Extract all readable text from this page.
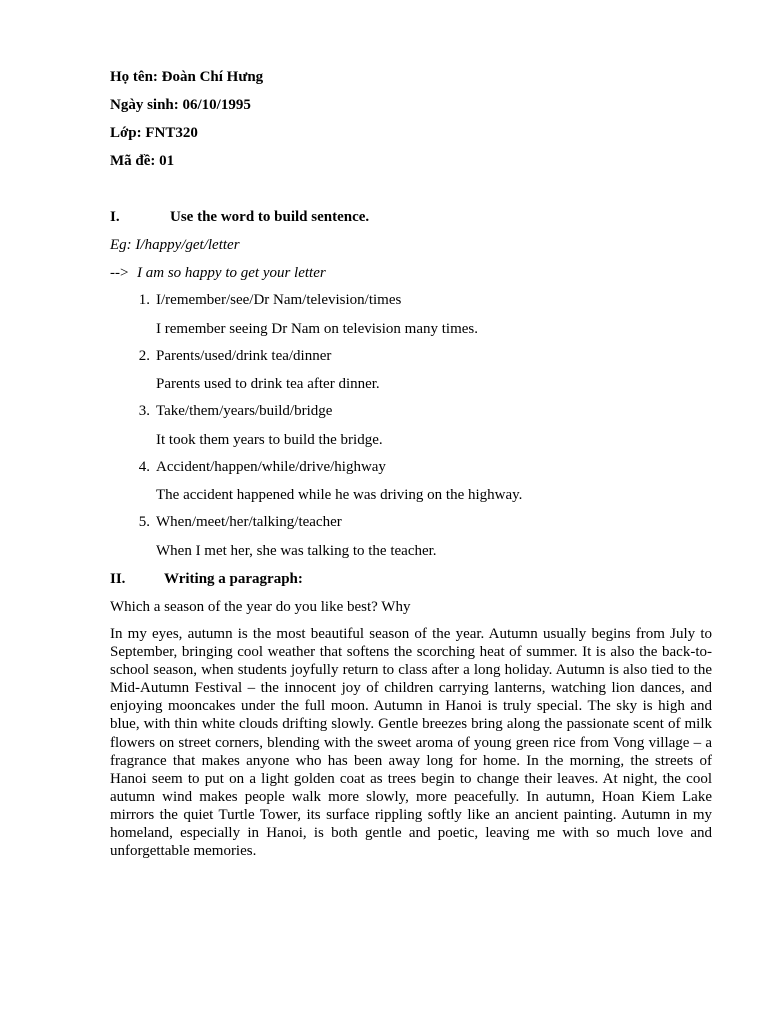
Họ tên: Đoàn Chí Hưng
Ngày sinh: 06/10/1995
Lớp: FNT320
Mã đề: 01
I.	Use the word to build sentence.
Eg: I/happy/get/letter
--> I am so happy to get your letter
1. I/remember/see/Dr Nam/television/times
I remember seeing Dr Nam on television many times.
2. Parents/used/drink tea/dinner
Parents used to drink tea after dinner.
3. Take/them/years/build/bridge
It took them years to build the bridge.
4. Accident/happen/while/drive/highway
The accident happened while he was driving on the highway.
5. When/meet/her/talking/teacher
When I met her, she was talking to the teacher.
II.	Writing a paragraph:
Which a season of the year do you like best? Why
In my eyes, autumn is the most beautiful season of the year. Autumn usually begins from July to September, bringing cool weather that softens the scorching heat of summer. It is also the back-to-school season, when students joyfully return to class after a long holiday. Autumn is also tied to the Mid-Autumn Festival – the innocent joy of children carrying lanterns, watching lion dances, and enjoying mooncakes under the full moon. Autumn in Hanoi is truly special. The sky is high and blue, with thin white clouds drifting slowly. Gentle breezes bring along the passionate scent of milk flowers on street corners, blending with the sweet aroma of young green rice from Vong village – a fragrance that makes anyone who has been away long for home. In the morning, the streets of Hanoi seem to put on a light golden coat as trees begin to change their leaves. At night, the cool autumn wind makes people walk more slowly, more peacefully. In autumn, Hoan Kiem Lake mirrors the quiet Turtle Tower, its surface rippling softly like an ancient painting. Autumn in my homeland, especially in Hanoi, is both gentle and poetic, leaving me with so much love and unforgettable memories.
